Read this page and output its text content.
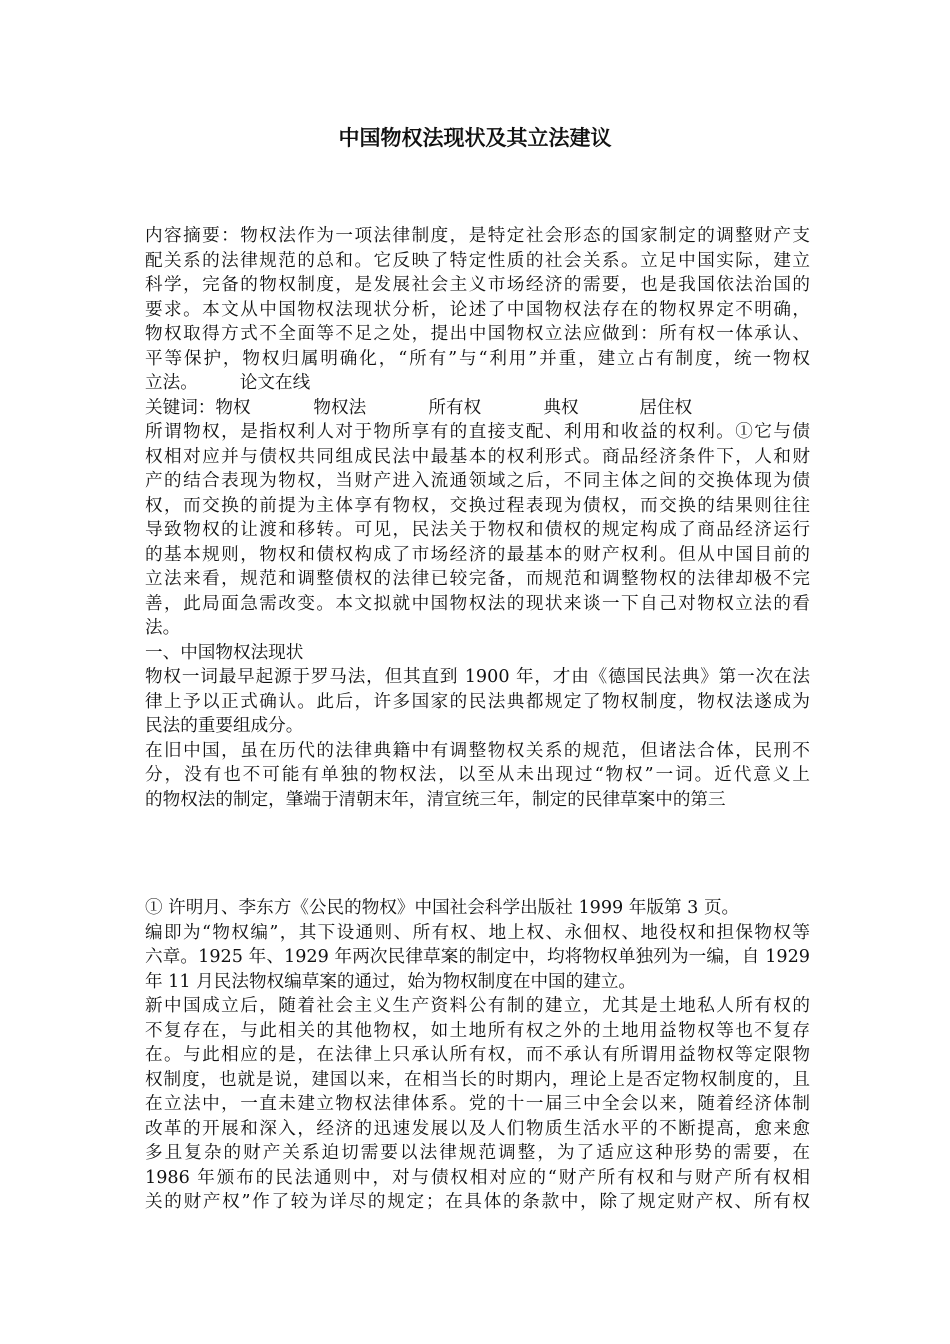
中国物权法现状及其立法建议
内容摘要：物权法作为一项法律制度，是特定社会形态的国家制定的调整财产支
配关系的法律规范的总和。它反映了特定性质的社会关系。立足中国实际，建立
科学，完备的物权制度，是发展社会主义市场经济的需要，也是我国依法治国的
要求。本文从中国物权法现状分析，论述了中国物权法存在的物权界定不明确，
物权取得方式不全面等不足之处，提出中国物权立法应做到：所有权一体承认、
平等保护，物权归属明确化，“所有”与“利用”并重，建立占有制度，统一物权
立法。 论文在线
关键词：物权	物权法	所有权	典权	居住权
所谓物权，是指权利人对于物所享有的直接支配、利用和收益的权利。①它与债
权相对应并与债权共同组成民法中最基本的权利形式。商品经济条件下，人和财
产的结合表现为物权，当财产进入流通领域之后，不同主体之间的交换体现为债
权，而交换的前提为主体享有物权，交换过程表现为债权，而交换的结果则往往
导致物权的让渡和移转。可见，民法关于物权和债权的规定构成了商品经济运行
的基本规则，物权和债权构成了市场经济的最基本的财产权利。但从中国目前的
立法来看，规范和调整债权的法律已较完备，而规范和调整物权的法律却极不完
善，此局面急需改变。本文拟就中国物权法的现状来谈一下自己对物权立法的看
法。
一、中国物权法现状
物权一词最早起源于罗马法，但其直到 1900 年，才由《德国民法典》第一次在法
律上予以正式确认。此后，许多国家的民法典都规定了物权制度，物权法遂成为
民法的重要组成分。
在旧中国，虽在历代的法律典籍中有调整物权关系的规范，但诸法合体，民刑不
分，没有也不可能有单独的物权法，以至从未出现过“物权”一词。近代意义上
的物权法的制定，肇端于清朝末年，清宣统三年，制定的民律草案中的第三
① 许明月、李东方《公民的物权》中国社会科学出版社 1999 年版第 3 页。
编即为“物权编”，其下设通则、所有权、地上权、永佃权、地役权和担保物权等
六章。1925 年、1929 年两次民律草案的制定中，均将物权单独列为一编，自 1929
年 11 月民法物权编草案的通过，始为物权制度在中国的建立。
新中国成立后，随着社会主义生产资料公有制的建立，尤其是土地私人所有权的
不复存在，与此相关的其他物权，如土地所有权之外的土地用益物权等也不复存
在。与此相应的是，在法律上只承认所有权，而不承认有所谓用益物权等定限物
权制度，也就是说，建国以来，在相当长的时期内，理论上是否定物权制度的，且
在立法中，一直未建立物权法律体系。党的十一届三中全会以来，随着经济体制
改革的开展和深入，经济的迅速发展以及人们物质生活水平的不断提高，愈来愈
多且复杂的财产关系迫切需要以法律规范调整，为了适应这种形势的需要，在
1986 年颁布的民法通则中，对与债权相对应的“财产所有权和与财产所有权相
关的财产权”作了较为详尽的规定；在具体的条款中，除了规定财产权、所有权
